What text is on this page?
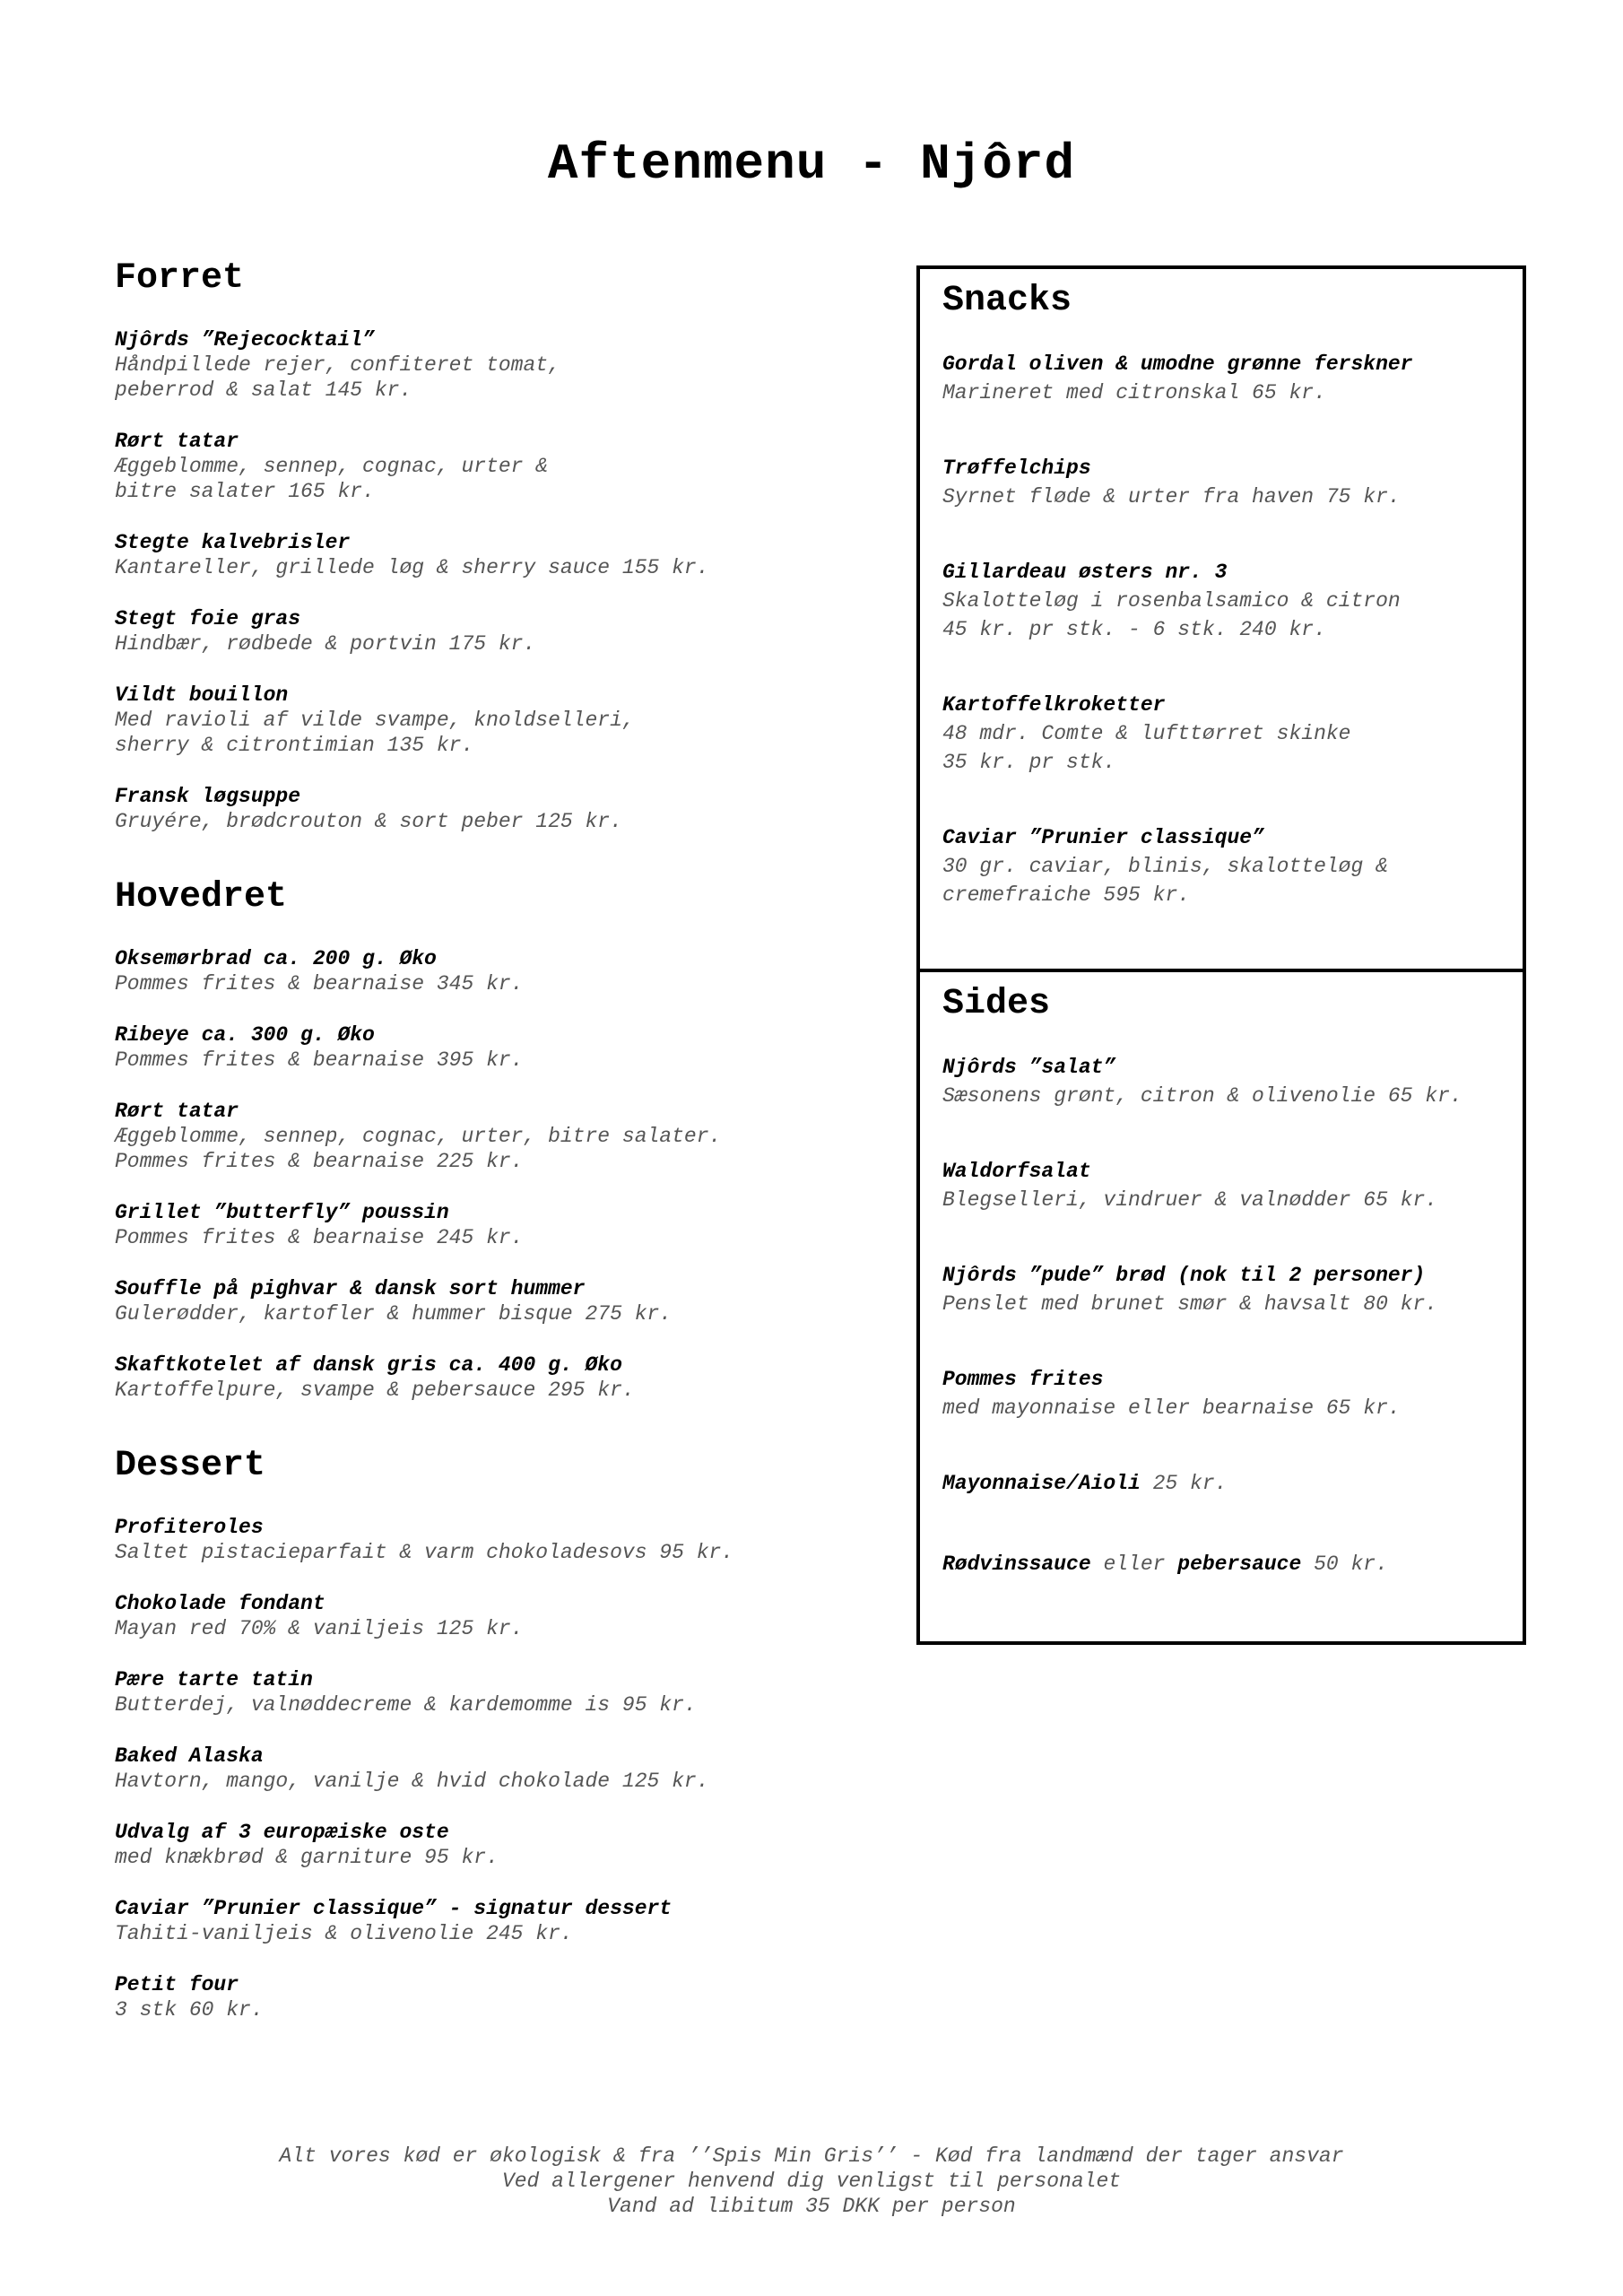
Aftenmenu - Njôrd
Forret
Njôrds ”Rejecocktail”
Håndpillede rejer, confiteret tomat,
peberrod & salat 145 kr.
Rørt tatar
Æggeblomme, sennep, cognac, urter &
bitre salater 165 kr.
Stegte kalvebrisler
Kantareller, grillede løg & sherry sauce 155 kr.
Stegt foie gras
Hindbær, rødbede & portvin 175 kr.
Vildt bouillon
Med ravioli af vilde svampe, knoldselleri,
sherry & citrontimian 135 kr.
Fransk løgsuppe
Gruyére, brødcrouton & sort peber 125 kr.
Hovedret
Oksemørbrad ca. 200 g. Øko
Pommes frites & bearnaise 345 kr.
Ribeye ca. 300 g. Øko
Pommes frites & bearnaise 395 kr.
Rørt tatar
Æggeblomme, sennep, cognac, urter, bitre salater.
Pommes frites & bearnaise 225 kr.
Grillet ”butterfly” poussin
Pommes frites & bearnaise 245 kr.
Souffle på pighvar & dansk sort hummer
Gulerødder, kartofler & hummer bisque 275 kr.
Skaftkotelet af dansk gris ca. 400 g. Øko
Kartoffelpure, svampe & pebersauce 295 kr.
Dessert
Profiteroles
Saltet pistacieparfait & varm chokoladesovs 95 kr.
Chokolade fondant
Mayan red 70% & vaniljeis 125 kr.
Pære tarte tatin
Butterdej, valnøddecreme & kardemomme is 95 kr.
Baked Alaska
Havtorn, mango, vanilje & hvid chokolade 125 kr.
Udvalg af 3 europæiske oste
med knækbrød & garniture 95 kr.
Caviar ”Prunier classique” - signatur dessert
Tahiti-vaniljeis & olivenolie 245 kr.
Petit four
3 stk 60 kr.
Snacks
Gordal oliven & umodne grønne ferskner
Marineret med citronskal 65 kr.
Trøffelchips
Syrnet fløde & urter fra haven 75 kr.
Gillardeau østers nr. 3
Skalotteløg i rosenbalsamico & citron
45 kr. pr stk. - 6 stk. 240 kr.
Kartoffelkroketter
48 mdr. Comte & lufttørret skinke
35 kr. pr stk.
Caviar ”Prunier classique”
30 gr. caviar, blinis, skalotteløg &
cremefraiche 595 kr.
Sides
Njôrds ”salat”
Sæsonens grønt, citron & olivenolie 65 kr.
Waldorfsalat
Blegselleri, vindruer & valnødder 65 kr.
Njôrds ”pude” brød (nok til 2 personer)
Penslet med brunet smør & havsalt 80 kr.
Pommes frites
med mayonnaise eller bearnaise 65 kr.
Mayonnaise/Aioli 25 kr.
Rødvinssauce eller pebersauce 50 kr.
Alt vores kød er økologisk & fra ’’Spis Min Gris’’ - Kød fra landmænd der tager ansvar
Ved allergener henvend dig venligst til personalet
Vand ad libitum 35 DKK per person
